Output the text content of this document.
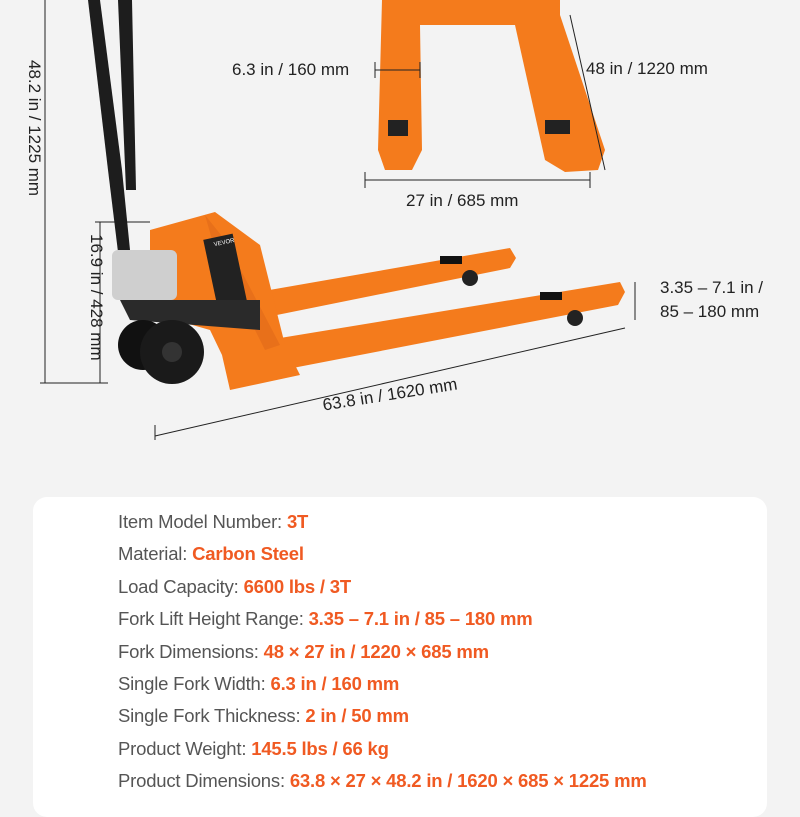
VEVOR
48.2 in / 1225 mm
16.9 in / 428 mm
63.8 in / 1620 mm
3.35 – 7.1 in /
85 – 180 mm
6.3 in / 160 mm	48 in / 1220 mm
27 in / 685 mm
Item Model Number: 3T
Material: Carbon Steel
Load Capacity: 6600 lbs / 3T
Fork Lift Height Range: 3.35 – 7.1 in / 85 – 180 mm
Fork Dimensions: 48 × 27 in / 1220 × 685 mm
Single Fork Width: 6.3 in / 160 mm
Single Fork Thickness: 2 in / 50 mm
Product Weight: 145.5 lbs / 66 kg
Product Dimensions: 63.8 × 27 × 48.2 in / 1620 × 685 × 1225 mm
